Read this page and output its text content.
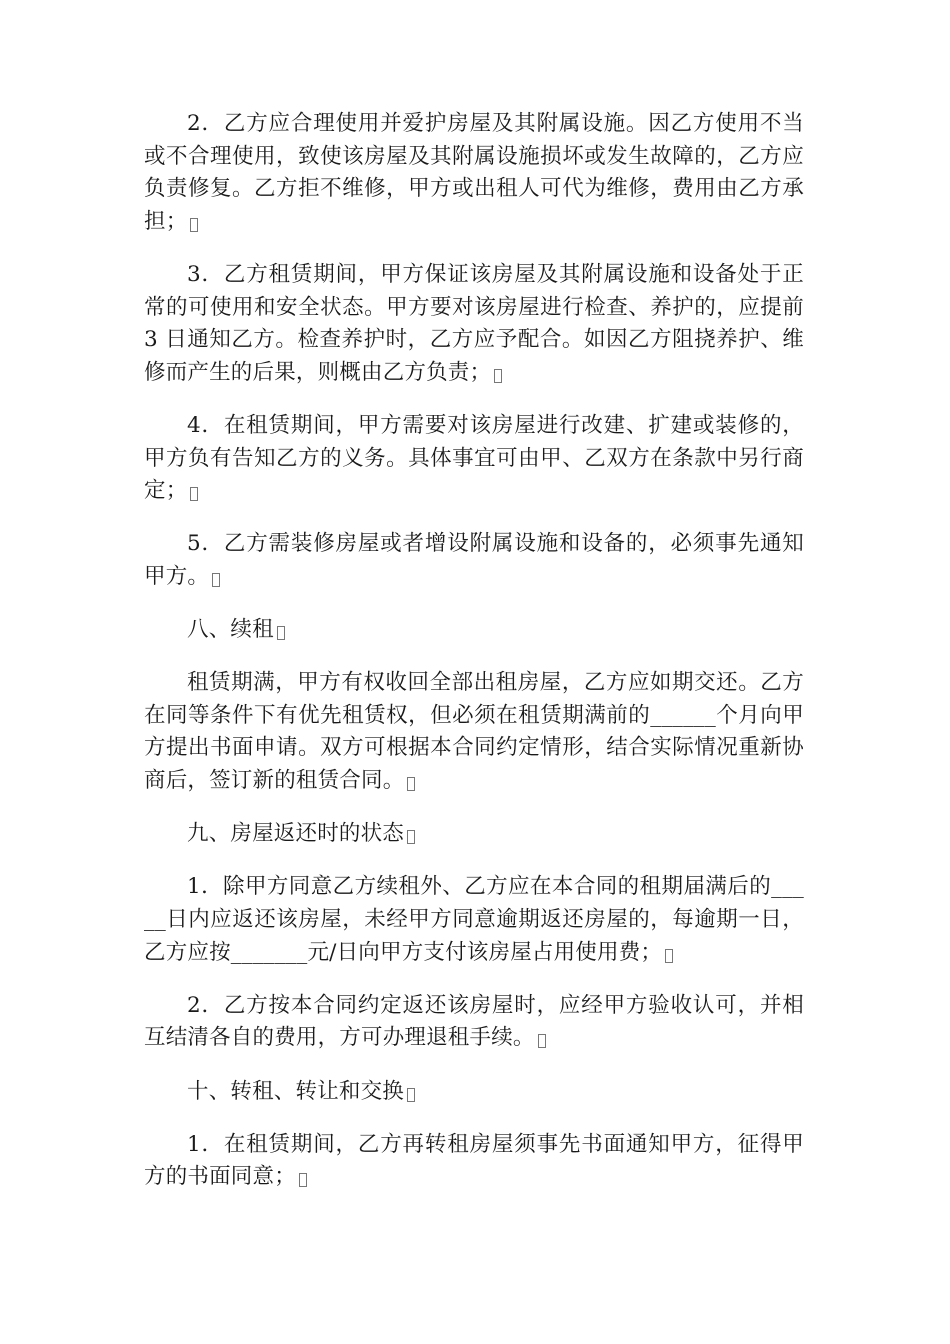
2．乙方应合理使用并爱护房屋及其附属设施。因乙方使用不当或不合理使用，致使该房屋及其附属设施损坏或发生故障的，乙方应负责修复。乙方拒不维修，甲方或出租人可代为维修，费用由乙方承担；

3．乙方租赁期间，甲方保证该房屋及其附属设施和设备处于正常的可使用和安全状态。甲方要对该房屋进行检查、养护的，应提前 3 日通知乙方。检查养护时，乙方应予配合。如因乙方阻挠养护、维修而产生的后果，则概由乙方负责；

4．在租赁期间，甲方需要对该房屋进行改建、扩建或装修的，甲方负有告知乙方的义务。具体事宜可由甲、乙双方在条款中另行商定；

5．乙方需装修房屋或者增设附属设施和设备的，必须事先通知甲方。

八、续租

租赁期满，甲方有权收回全部出租房屋，乙方应如期交还。乙方在同等条件下有优先租赁权，但必须在租赁期满前的______个月向甲方提出书面申请。双方可根据本合同约定情形，结合实际情况重新协商后，签订新的租赁合同。

九、房屋返还时的状态

1．除甲方同意乙方续租外、乙方应在本合同的租期届满后的_____日内应返还该房屋，未经甲方同意逾期返还房屋的，每逾期一日，乙方应按_______元/日向甲方支付该房屋占用使用费；

2．乙方按本合同约定返还该房屋时，应经甲方验收认可，并相互结清各自的费用，方可办理退租手续。

十、转租、转让和交换

1．在租赁期间，乙方再转租房屋须事先书面通知甲方，征得甲方的书面同意；
